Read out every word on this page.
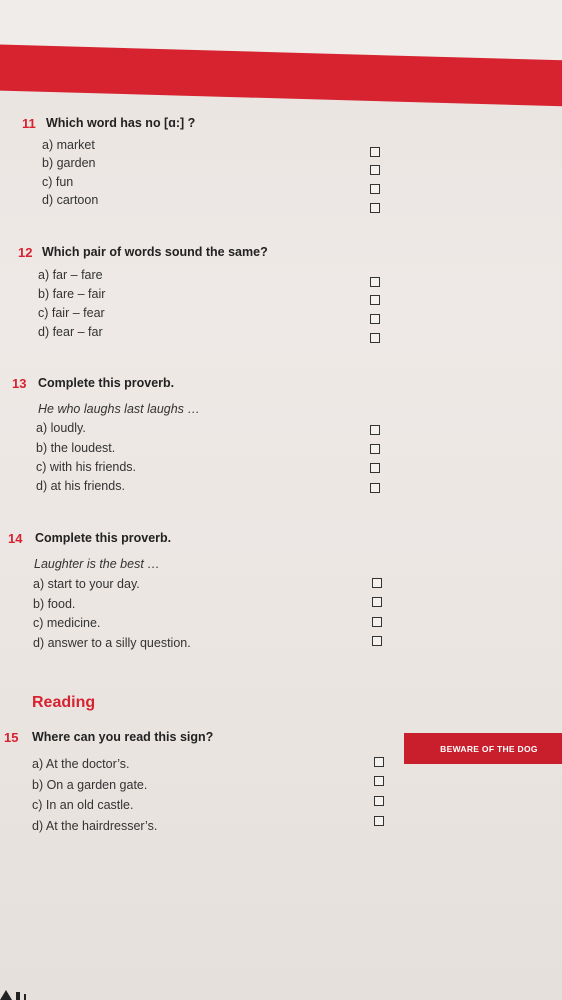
11 Which word has no [ɑ:] ?
a) market
b) garden
c) fun
d) cartoon
12 Which pair of words sound the same?
a) far – fare
b) fare – fair
c) fair – fear
d) fear – far
13 Complete this proverb.
He who laughs last laughs …
a) loudly.
b) the loudest.
c) with his friends.
d) at his friends.
14 Complete this proverb.
Laughter is the best …
a) start to your day.
b) food.
c) medicine.
d) answer to a silly question.
Reading
15 Where can you read this sign?
a) At the doctor’s.
b) On a garden gate.
c) In an old castle.
d) At the hairdresser’s.
BEWARE OF THE DOG
